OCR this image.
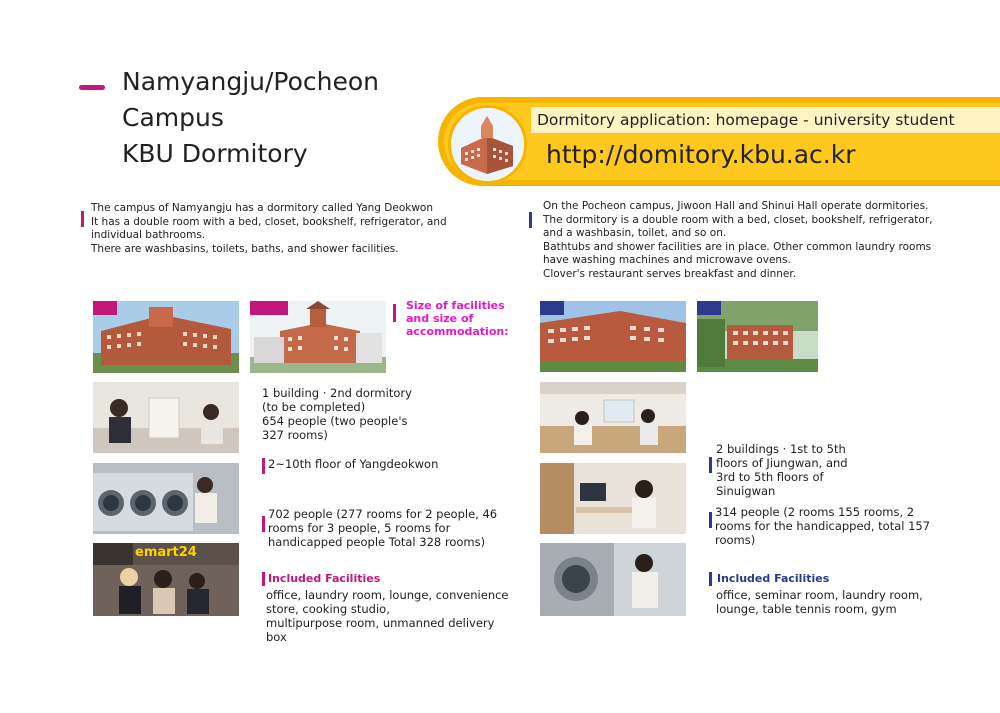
Namyangju/Pocheon
Campus
KBU Dormitory
Dormitory application: homepage - university student
http://domitory.kbu.ac.kr
The campus of Namyangju has a dormitory called Yang Deokwon
It has a double room with a bed, closet, bookshelf, refrigerator, and
individual bathrooms.
There are washbasins, toilets, baths, and shower facilities.
On the Pocheon campus, Jiwoon Hall and Shinui Hall operate dormitories.
The dormitory is a double room with a bed, closet, bookshelf, refrigerator,
and a washbasin, toilet, and so on.
Bathtubs and shower facilities are in place. Other common laundry rooms
have washing machines and microwave ovens.
Clover's restaurant serves breakfast and dinner.
Size of facilities
and size of
accommodation:
emart24
1 building · 2nd dormitory
(to be completed)
654 people (two people's
327 rooms)
2~10th floor of Yangdeokwon
702 people (277 rooms for 2 people, 46
rooms for 3 people, 5 rooms for
handicapped people Total 328 rooms)
Included Facilities
office, laundry room, lounge, convenience
store, cooking studio,
multipurpose room, unmanned delivery
box
2 buildings · 1st to 5th
floors of Jiungwan, and
3rd to 5th floors of
Sinuigwan
314 people (2 rooms 155 rooms, 2
rooms for the handicapped, total 157
rooms)
Included Facilities
office, seminar room, laundry room,
lounge, table tennis room, gym
